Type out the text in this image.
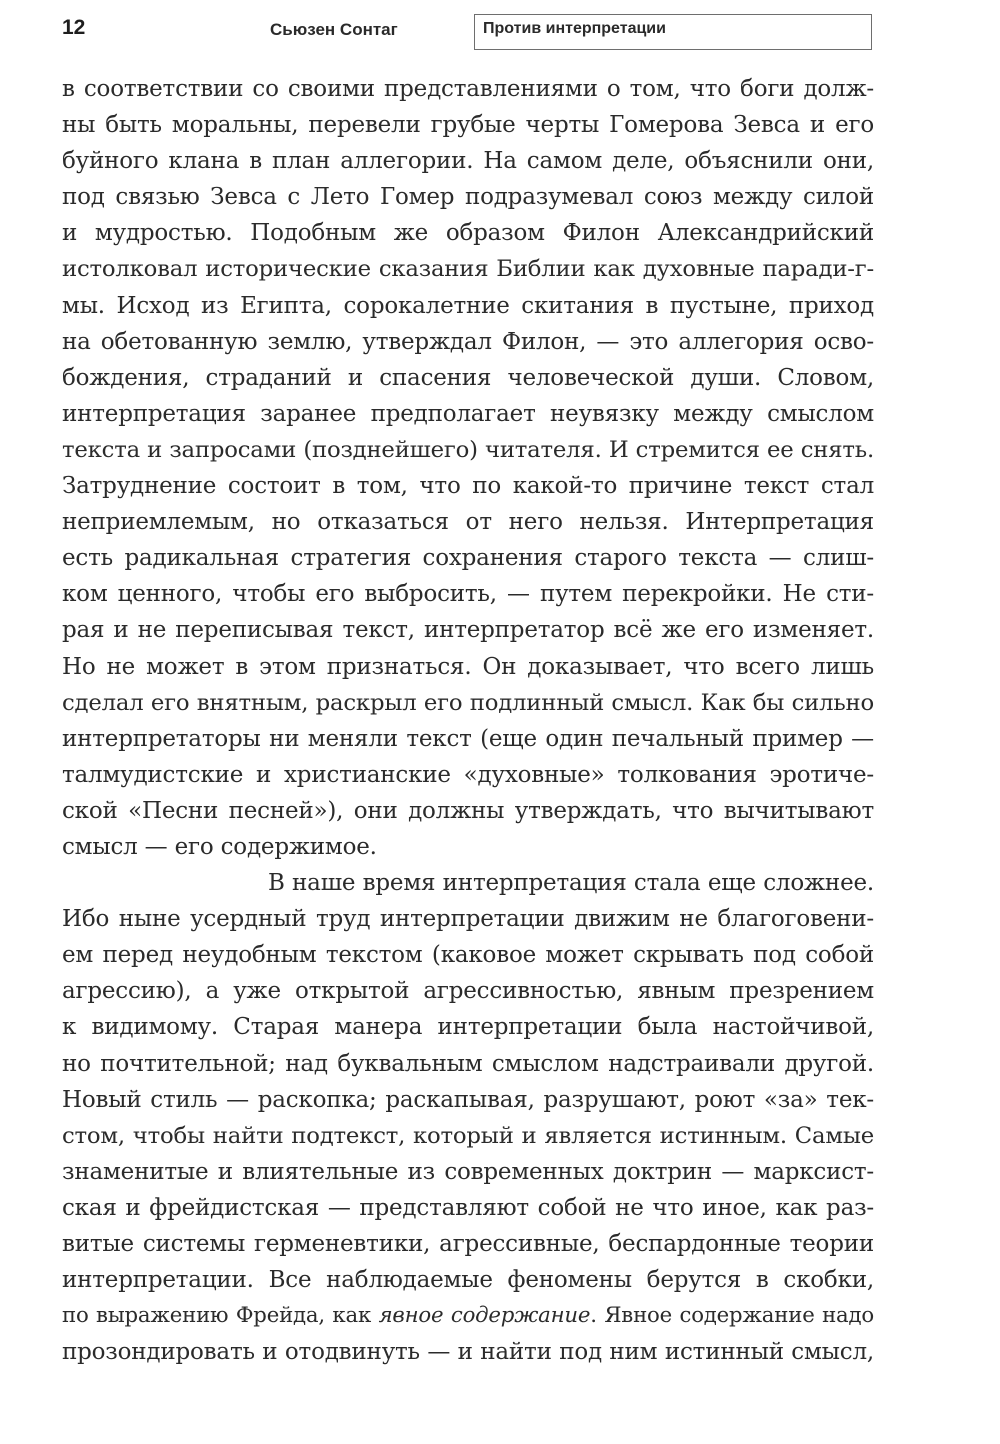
12	Сьюзен Сонтаг	Против интерпретации
в соответствии со своими представлениями о том, что боги долж-
ны быть моральны, перевели грубые черты Гомерова Зевса и его
буйного клана в план аллегории. На самом деле, объяснили они,
под связью Зевса с Лето Гомер подразумевал союз между силой
и мудростью. Подобным же образом Филон Александрийский
истолковал исторические сказания Библии как духовные паради-г-
мы. Исход из Египта, сорокалетние скитания в пустыне, приход
на обетованную землю, утверждал Филон, — это аллегория осво-
бождения, страданий и спасения человеческой души. Словом,
интерпретация заранее предполагает неувязку между смыслом
текста и запросами (позднейшего) читателя. И стремится ее снять.
Затруднение состоит в том, что по какой-то причине текст стал
неприемлемым, но отказаться от него нельзя. Интерпретация
есть радикальная стратегия сохранения старого текста — слиш-
ком ценного, чтобы его выбросить, — путем перекройки. Не сти-
рая и не переписывая текст, интерпретатор всё же его изменяет.
Но не может в этом признаться. Он доказывает, что всего лишь
сделал его внятным, раскрыл его подлинный смысл. Как бы сильно
интерпретаторы ни меняли текст (еще один печальный пример —
талмудистские и христианские «духовные» толкования эротиче-
ской «Песни песней»), они должны утверждать, что вычитывают
смысл — его содержимое.
В наше время интерпретация стала еще сложнее.
Ибо ныне усердный труд интерпретации движим не благоговени-
ем перед неудобным текстом (каковое может скрывать под собой
агрессию), а уже открытой агрессивностью, явным презрением
к видимому. Старая манера интерпретации была настойчивой,
но почтительной; над буквальным смыслом надстраивали другой.
Новый стиль — раскопка; раскапывая, разрушают, роют «за» тек-
стом, чтобы найти подтекст, который и является истинным. Самые
знаменитые и влиятельные из современных доктрин — марксист-
ская и фрейдистская — представляют собой не что иное, как раз-
витые системы герменевтики, агрессивные, беспардонные теории
интерпретации. Все наблюдаемые феномены берутся в скобки,
по выражению Фрейда, как явное содержание. Явное содержание надо
прозондировать и отодвинуть — и найти под ним истинный смысл,
